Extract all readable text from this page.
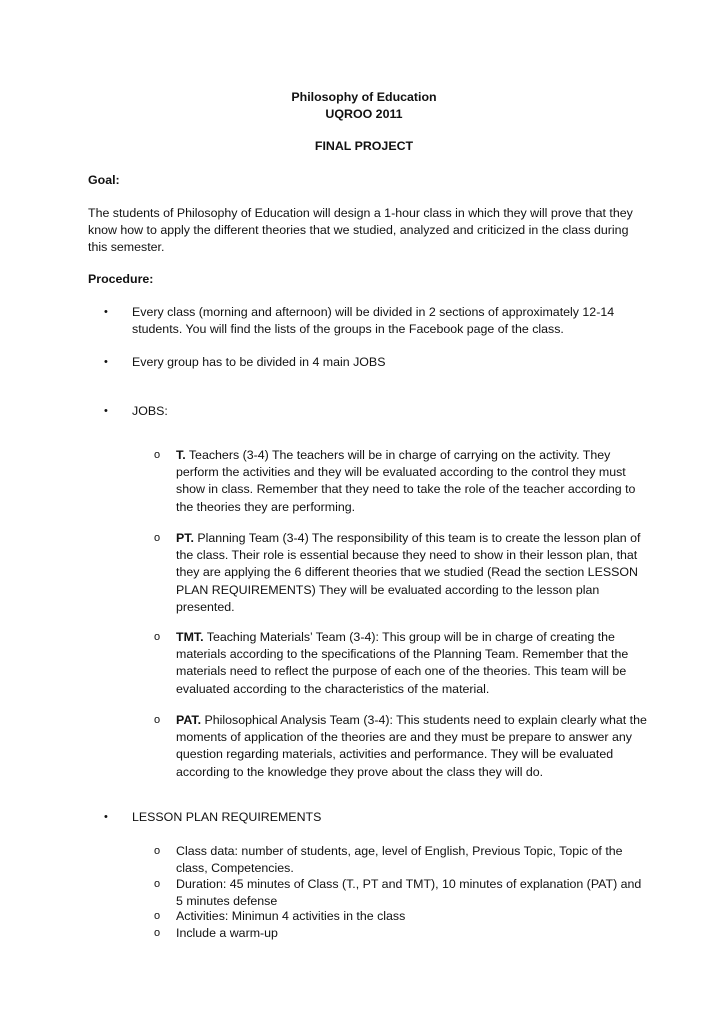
Philosophy of Education
UQROO 2011
FINAL PROJECT
Goal:
The students of Philosophy of Education will design a 1-hour class in which they will prove that they know how to apply the different theories that we studied, analyzed and criticized in the class during this semester.
Procedure:
• Every class (morning and afternoon) will be divided in 2 sections of approximately 12-14 students. You will find the lists of the groups in the Facebook page of the class.
• Every group has to be divided in 4 main JOBS
• JOBS:
o T. Teachers (3-4) The teachers will be in charge of carrying on the activity. They perform the activities and they will be evaluated according to the control they must show in class. Remember that they need to take the role of the teacher according to the theories they are performing.
o PT. Planning Team (3-4) The responsibility of this team is to create the lesson plan of the class. Their role is essential because they need to show in their lesson plan, that they are applying the 6 different theories that we studied (Read the section LESSON PLAN REQUIREMENTS) They will be evaluated according to the lesson plan presented.
o TMT. Teaching Materials’ Team (3-4): This group will be in charge of creating the materials according to the specifications of the Planning Team. Remember that the materials need to reflect the purpose of each one of the theories. This team will be evaluated according to the characteristics of the material.
o PAT. Philosophical Analysis Team (3-4): This students need to explain clearly what the moments of application of the theories are and they must be prepare to answer any question regarding materials, activities and performance. They will be evaluated according to the knowledge they prove about the class they will do.
• LESSON PLAN REQUIREMENTS
o Class data: number of students, age, level of English, Previous Topic, Topic of the class, Competencies.
o Duration: 45 minutes of Class (T., PT and TMT), 10 minutes of explanation (PAT) and 5 minutes defense
o Activities: Minimun 4 activities in the class
o Include a warm-up
